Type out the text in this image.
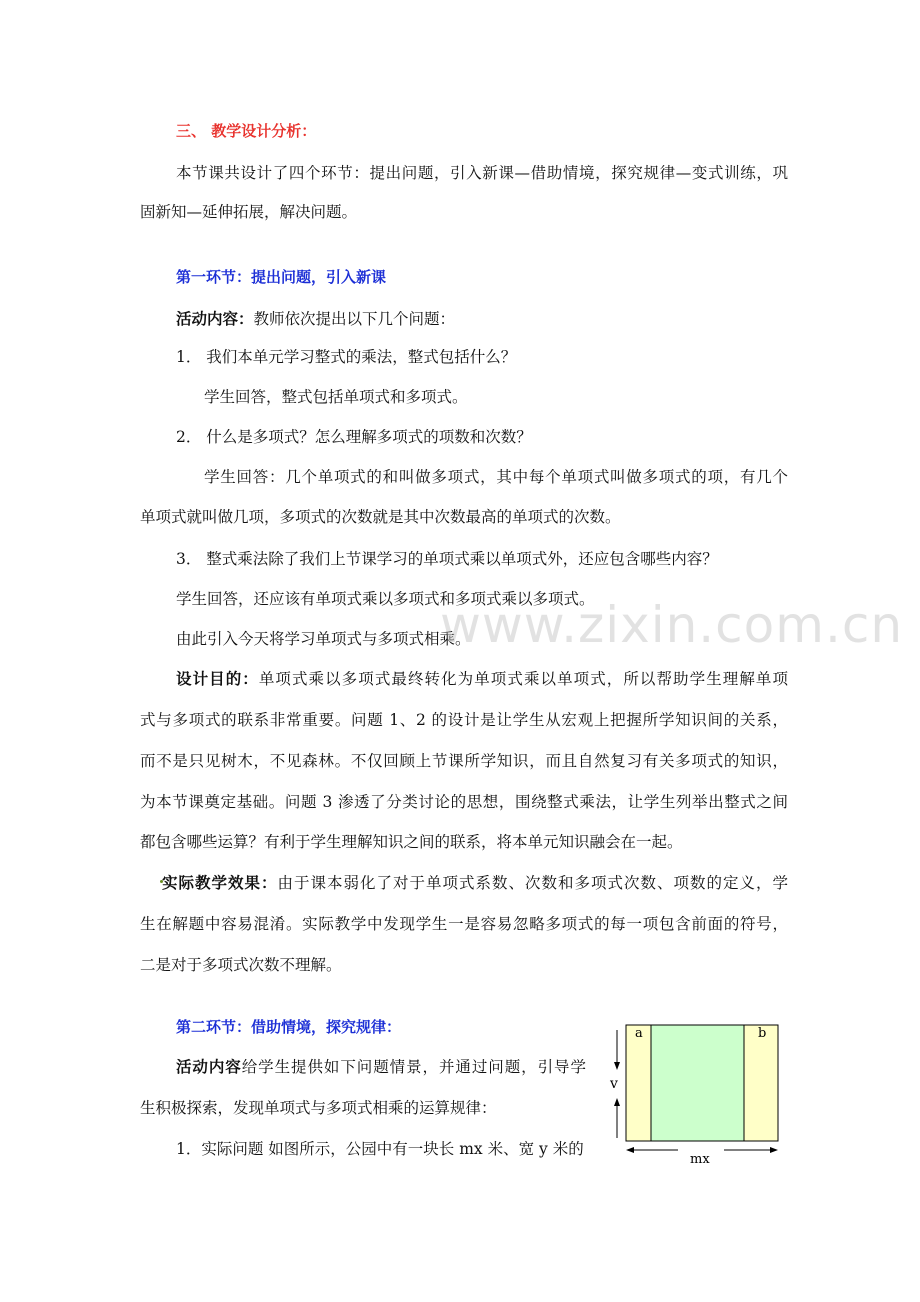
三、 教学设计分析：
本节课共设计了四个环节：提出问题，引入新课—借助情境，探究规律—变式训练，巩
固新知—延伸拓展，解决问题。
第一环节：提出问题，引入新课
活动内容：教师依次提出以下几个问题：
1． 我们本单元学习整式的乘法，整式包括什么？
学生回答，整式包括单项式和多项式。
2． 什么是多项式？怎么理解多项式的项数和次数？
学生回答：几个单项式的和叫做多项式，其中每个单项式叫做多项式的项，有几个
单项式就叫做几项，多项式的次数就是其中次数最高的单项式的次数。
3． 整式乘法除了我们上节课学习的单项式乘以单项式外，还应包含哪些内容？
学生回答，还应该有单项式乘以多项式和多项式乘以多项式。
由此引入今天将学习单项式与多项式相乘。
设计目的：单项式乘以多项式最终转化为单项式乘以单项式，所以帮助学生理解单项
式与多项式的联系非常重要。问题 1、2 的设计是让学生从宏观上把握所学知识间的关系，
而不是只见树木，不见森林。不仅回顾上节课所学知识，而且自然复习有关多项式的知识，
为本节课奠定基础。问题 3 渗透了分类讨论的思想，围绕整式乘法，让学生列举出整式之间
都包含哪些运算？有利于学生理解知识之间的联系，将本单元知识融会在一起。
实际教学效果：由于课本弱化了对于单项式系数、次数和多项式次数、项数的定义，学
生在解题中容易混淆。实际教学中发现学生一是容易忽略多项式的每一项包含前面的符号，
二是对于多项式次数不理解。
第二环节：借助情境，探究规律：
活动内容给学生提供如下问题情景，并通过问题，引导学
生积极探索，发现单项式与多项式相乘的运算规律：
1．实际问题 如图所示，公园中有一块长 mx 米、宽 y 米的
www.zixin.com.cn
a	b
v
mx
